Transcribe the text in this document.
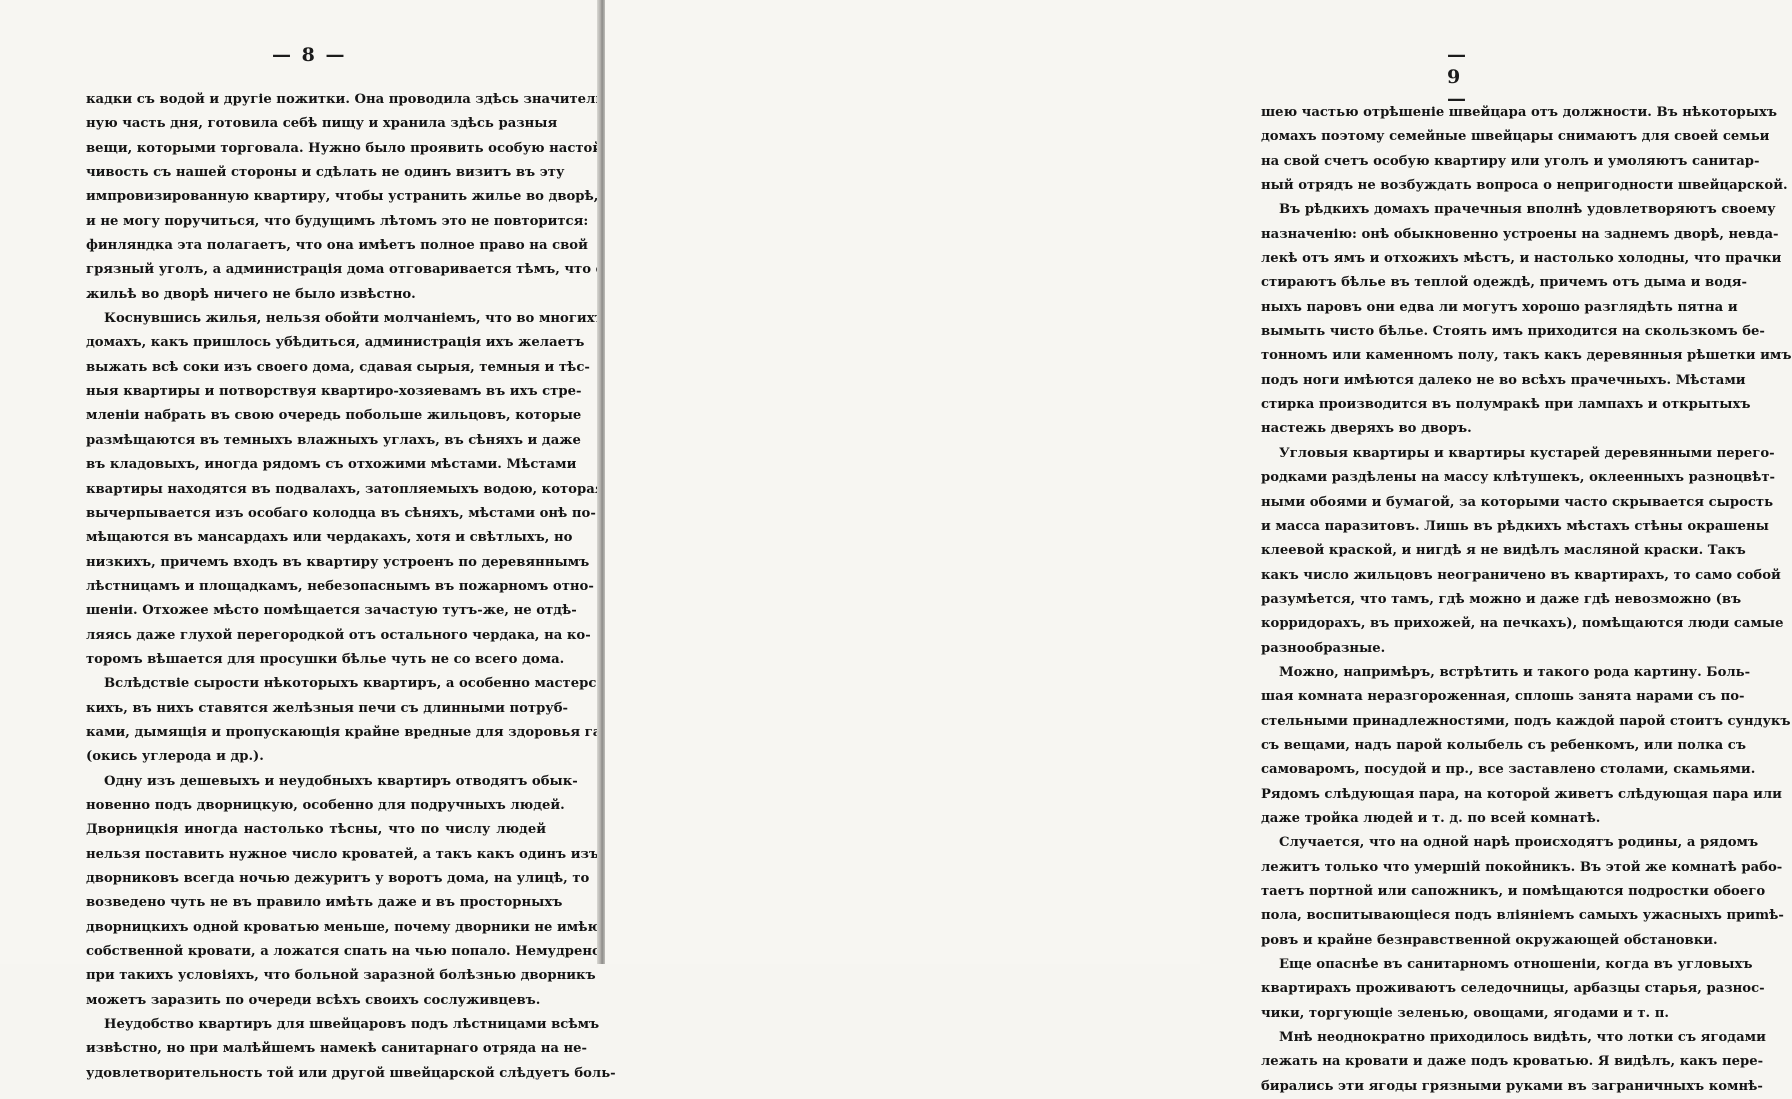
— 8 —
кадки съ водой и другіе пожитки. Она проводила здѣсь значитель-
ную часть дня, готовила себѣ пищу и хранила здѣсь разныя
вещи, которыми торговала. Нужно было проявить особую настой-
чивость съ нашей стороны и сдѣлать не одинъ визитъ въ эту
импровизированную квартиру, чтобы устранить жилье во дворѣ,
и не могу поручиться, что будущимъ лѣтомъ это не повторится:
финляндка эта полагаетъ, что она имѣетъ полное право на свой
грязный уголъ, а администрація дома отговаривается тѣмъ, что ей о
жильѣ во дворѣ ничего не было извѣстно.
Коснувшись жилья, нельзя обойти молчаніемъ, что во многихъ
домахъ, какъ пришлось убѣдиться, администрація ихъ желаетъ
выжать всѣ соки изъ своего дома, сдавая сырыя, темныя и тѣс-
ныя квартиры и потворствуя квартиро-хозяевамъ въ ихъ стре-
мленіи набрать въ свою очередь побольше жильцовъ, которые
размѣщаются въ темныхъ влажныхъ углахъ, въ сѣняхъ и даже
въ кладовыхъ, иногда рядомъ съ отхожими мѣстами. Мѣстами
квартиры находятся въ подвалахъ, затопляемыхъ водою, которая
вычерпывается изъ особаго колодца въ сѣняхъ, мѣстами онѣ по-
мѣщаются въ мансардахъ или чердакахъ, хотя и свѣтлыхъ, но
низкихъ, причемъ входъ въ квартиру устроенъ по деревяннымъ
лѣстницамъ и площадкамъ, небезопаснымъ въ пожарномъ отно-
шеніи. Отхожее мѣсто помѣщается зачастую тутъ-же, не отдѣ-
ляясь даже глухой перегородкой отъ остального чердака, на ко-
торомъ вѣшается для просушки бѣлье чуть не со всего дома.
Вслѣдствіе сырости нѣкоторыхъ квартиръ, а особенно мастерс-
кихъ, въ нихъ ставятся желѣзныя печи съ длинными потруб-
ками, дымящія и пропускающія крайне вредные для здоровья газы
(окись углерода и др.).
Одну изъ дешевыхъ и неудобныхъ квартиръ отводятъ обык-
новенно подъ дворницкую, особенно для подручныхъ людей.
Дворницкія иногда настолько тѣсны, что по числу людей
нельзя поставить нужное число кроватей, а такъ какъ одинъ изъ
дворниковъ всегда ночью дежуритъ у воротъ дома, на улицѣ, то
возведено чуть не въ правило имѣть даже и въ просторныхъ
дворницкихъ одной кроватью меньше, почему дворники не имѣютъ
собственной кровати, а ложатся спать на чью попало. Немудрено
при такихъ условіяхъ, что больной заразной болѣзнью дворникъ
можетъ заразить по очереди всѣхъ своихъ сослуживцевъ.
Неудобство квартиръ для швейцаровъ подъ лѣстницами всѣмъ
извѣстно, но при малѣйшемъ намекѣ санитарнаго отряда на не-
удовлетворительность той или другой швейцарской слѣдуетъ боль-
— 9 —
шею частью отрѣшеніе швейцара отъ должности. Въ нѣкоторыхъ
домахъ поэтому семейные швейцары снимаютъ для своей семьи
на свой счетъ особую квартиру или уголъ и умоляютъ санитар-
ный отрядъ не возбуждать вопроса о непригодности швейцарской.
Въ рѣдкихъ домахъ прачечныя вполнѣ удовлетворяютъ своему
назначенію: онѣ обыкновенно устроены на заднемъ дворѣ, невда-
лекѣ отъ ямъ и отхожихъ мѣстъ, и настолько холодны, что прачки
стираютъ бѣлье въ теплой одеждѣ, причемъ отъ дыма и водя-
ныхъ паровъ они едва ли могутъ хорошо разглядѣть пятна и
вымыть чисто бѣлье. Стоять имъ приходится на скользкомъ бе-
тонномъ или каменномъ полу, такъ какъ деревянныя рѣшетки имъ
подъ ноги имѣются далеко не во всѣхъ прачечныхъ. Мѣстами
стирка производится въ полумракѣ при лампахъ и открытыхъ
настежь дверяхъ во дворъ.
Угловыя квартиры и квартиры кустарей деревянными перего-
родками раздѣлены на массу клѣтушекъ, оклеенныхъ разноцвѣт-
ными обоями и бумагой, за которыми часто скрывается сырость
и масса паразитовъ. Лишь въ рѣдкихъ мѣстахъ стѣны окрашены
клеевой краской, и нигдѣ я не видѣлъ масляной краски. Такъ
какъ число жильцовъ неограничено въ квартирахъ, то само собой
разумѣется, что тамъ, гдѣ можно и даже гдѣ невозможно (въ
корридорахъ, въ прихожей, на печкахъ), помѣщаются люди самые
разнообразные.
Можно, напримѣръ, встрѣтить и такого рода картину. Боль-
шая комната неразгороженная, сплошь занята нарами съ по-
стельными принадлежностями, подъ каждой парой стоитъ сундукъ
съ вещами, надъ парой колыбель съ ребенкомъ, или полка съ
самоваромъ, посудой и пр., все заставлено столами, скамьями.
Рядомъ слѣдующая пара, на которой живетъ слѣдующая пара или
даже тройка людей и т. д. по всей комнатѣ.
Случается, что на одной нарѣ происходятъ родины, а рядомъ
лежитъ только что умершій покойникъ. Въ этой же комнатѣ рабо-
таетъ портной или сапожникъ, и помѣщаются подростки обоего
пола, воспитывающіеся подъ вліяніемъ самыхъ ужасныхъ приmѣ-
ровъ и крайне безнравственной окружающей обстановки.
Еще опаснѣе въ санитарномъ отношеніи, когда въ угловыхъ
квартирахъ проживаютъ селедочницы, арбазцы старья, разнос-
чики, торгующіе зеленью, овощами, ягодами и т. п.
Мнѣ неоднократно приходилось видѣть, что лотки съ ягодами
лежать на кровати и даже подъ кроватью. Я видѣлъ, какъ пере-
бирались эти ягоды грязными руками въ заграничныхъ комнѣ-
